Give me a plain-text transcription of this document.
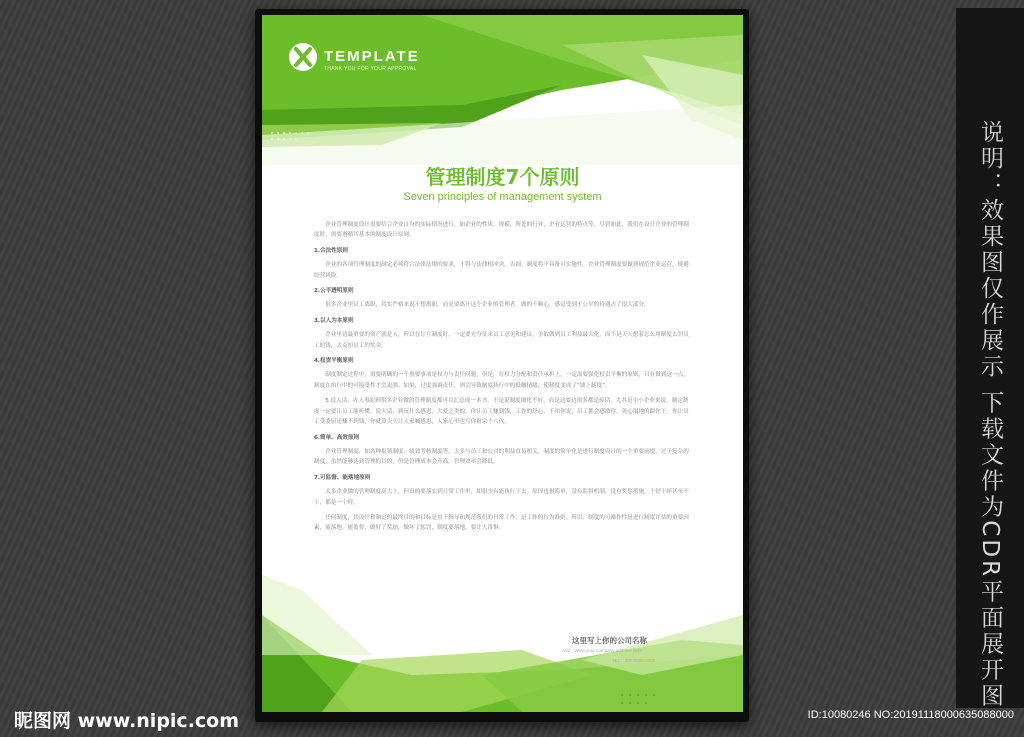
说明：效果图仅作展示 下载文件为CDR平面展开图
TEMPLATE
THANK YOU FOR YOUR APPROVAL
管理制度7个原则
Seven principles of management system

企业管理制度设计需要结合企业自身的实际情况进行，如企业的性质、规模、所处的行业，企业运营的特点等，尽管如此，我们在设计企业的管理制度时，需要遵循其基本的制度设计原则。

1.合法性原则

企业的各项管理制度的制定必须符合法律法规的要求，不得与法律相冲突，否则，制度将不具备可实施性。企业管理制度要做到规范企业运营，规避经营风险。

2.公平透明原则

很多企业里员工离职，其实严格来说不想离职，而是要离开这个企业的管理者。做的不顺心，感觉受到不公平的待遇占了很大部分。

3.以人为本原则

企业里边最重要的资产就是人，所以在订立制度时，一定要充分征求员工意见和建议，争取做到员工利益最大化，而不是天天想着怎么用制度去罚员工的钱，去克扣员工的奖金。

4.权责平衡原则

制度制定过程中，需要明确的一个重要事项是权力与责任问题，但是，在权力分配和责任承担上，一定需要强化权责平衡的原则，只有做到这一点，制度在执行中的可接受性才会更强。如果，过度强调责任，则会导致制度执行中的抵触情绪，使制度变成了“墙上制度”。

5.说人话、办人事原则很多企业做的管理制度都可以汇总成一本书，不是说制度细化不好，而是这要边很多都是废话。尤其是中小企业来说，制定制度一定要让员工能听懂，说人话，到玩什么感恩、大爱之类的，你让员工赚到钱，工作的舒心，不用你说，员工都会感激你，死心塌地的跟你干。你让员工受委屈还赚不到钱，你就算天天让人家喊感恩，人家心里也写你祖宗十八代。

6.简单、高效原则

企业管理制度，如各种报销制度、绩效考核制度等，大多与员工和公司的利益直接相关。制度的简单化是进行制度设计的一个重要前提，过于复杂的制度，虽然能够达到管理的目的，但是管理成本会升高，管理效率会降低。

7.可监督、能落地原则

太多企业做的管理制度高大上，但真的要落实到日常工作里，却很少有能执行下去。原因也很简单，没有监督机制，没有奖惩措施，干好干坏甚至不干，都是一个样。

任何制度，其设计和制定的最终目的和目标是用于指导和规范我们的日常工作，是工作的行为准则。所以，制度的可操作性是进行制度评估的重要因素，能落地，能监督，做好了奖励，做坏了惩罚，制度要落地，要让人畏惧。

这里写上你的公司名称
Add：Write your company address here
TEL：400-0000-0000
昵图网 www.nipic.com	ID:10080246 NO:20191118000635088000
